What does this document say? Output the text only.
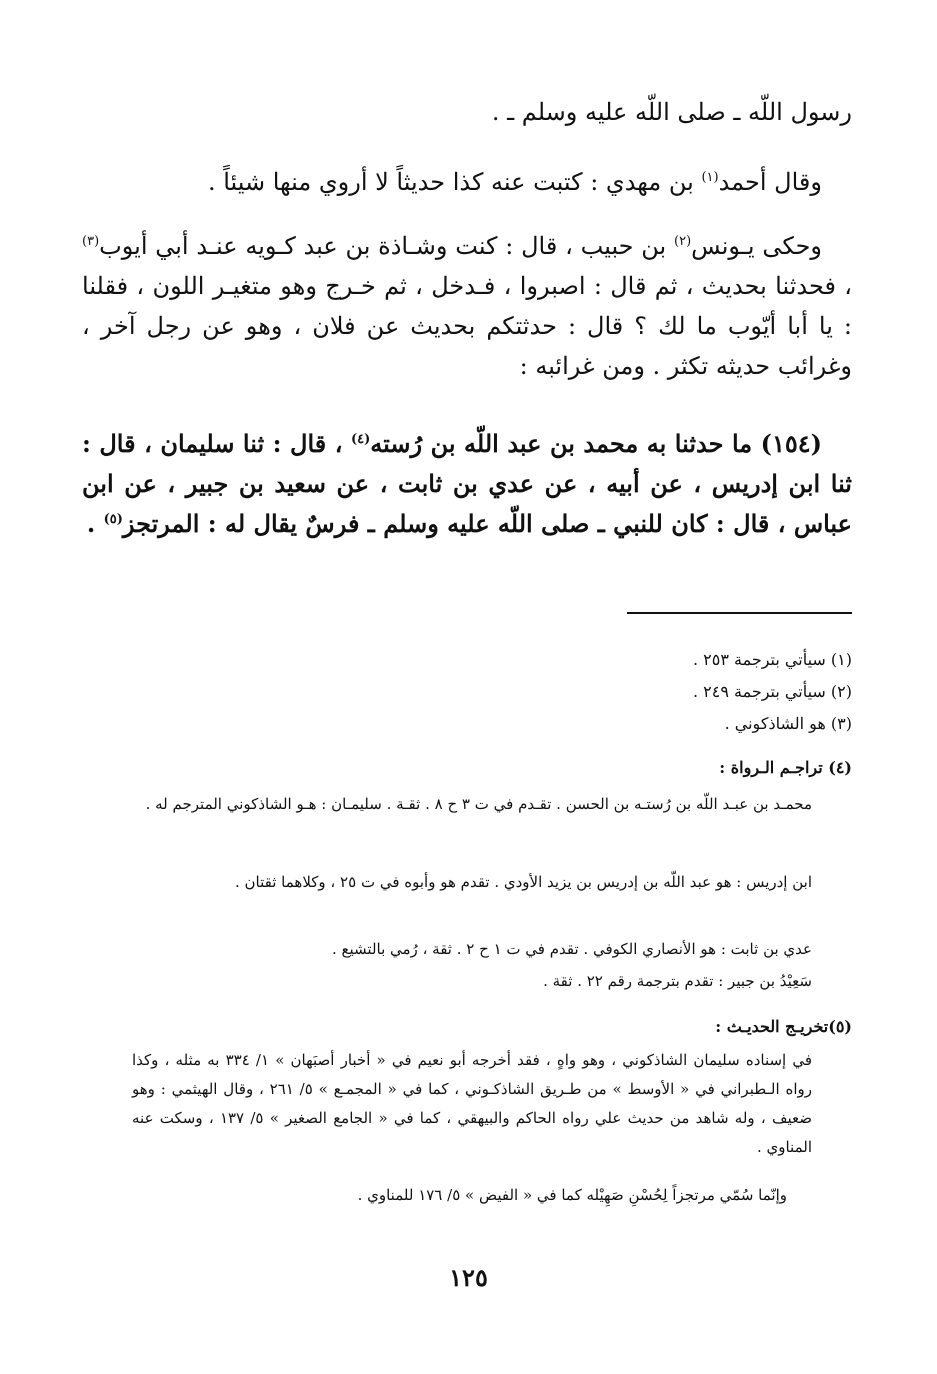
رسول اللّه ـ صلى اللّه عليه وسلم ـ .

وقال أحمد$^{(١)}$ بن مهدي : كتبت عنه كذا حديثاً لا أروي منها شيئاً .

وحكى يـونس$^{(٢)}$ بن حبيب ، قال : كنت وشـاذة بن عبد كـويه عنـد أبي أيوب$^{(٣)}$ ، فحدثنا بحديث ، ثم قال : اصبروا ، فـدخل ، ثم خـرج وهو متغيـر اللون ، فقلنا : يا أبا أيّوب ما لك ؟ قال : حدثتكم بحديث عن فلان ، وهو عن رجل آخر ، وغرائب حديثه تكثر . ومن غرائبه :

(١٥٤) ما حدثنا به محمد بن عبد اللّه بن رُسته$^{(٤)}$ ، قال : ثنا سليمان ، قال : ثنا ابن إدريس ، عن أبيه ، عن عدي بن ثابت ، عن سعيد بن جبير ، عن ابن عباس ، قال : كان للنبي ـ صلى اللّه عليه وسلم ـ فرسٌ يقال له : المرتجز$^{(٥)}$ .

(١) سيأتي بترجمة ٢٥٣ .

(٢) سيأتي بترجمة ٢٤٩ .

(٣) هو الشاذكوني .

(٤) تراجـم الـرواة :

محمـد بن عبـد اللّه بن رُستـه بن الحسن . تقـدم في ت ٣ ح ٨ . ثقـة . سليمـان : هـو الشاذكوني المترجم له .

ابن إدريس : هو عبد اللّه بن إدريس بن يزيد الأودي . تقدم هو وأبوه في ت ٢٥ ، وكلاهما ثقتان .

عدي بن ثابت : هو الأنصاري الكوفي . تقدم في ت ١ ح ٢ . ثقة ، رُمي بالتشيع .

سَعِيْدُ بن جبير : تقدم بترجمة رقم ٢٢ . ثقة .

(٥)تخريـج الحديـث :

في إسناده سليمان الشاذكوني ، وهو واهٍ ، فقد أخرجه أبو نعيم في « أخبار أصبَهان » ١/ ٣٣٤ به مثله ، وكذا رواه الـطبراني في « الأوسط » من طـريق الشاذكـوني ، كما في « المجمـع » ٥/ ٢٦١ ، وقال الهيثمي : وهو ضعيف ، وله شاهد من حديث علي رواه الحاكم والبيهقي ، كما في « الجامع الصغير » ٥/ ١٣٧ ، وسكت عنه المناوي .

وإنّما سُمّي مرتجزاً لِحُسْنِ صَهِيْله كما في « الفيض » ٥/ ١٧٦ للمناوي .

١٢٥
